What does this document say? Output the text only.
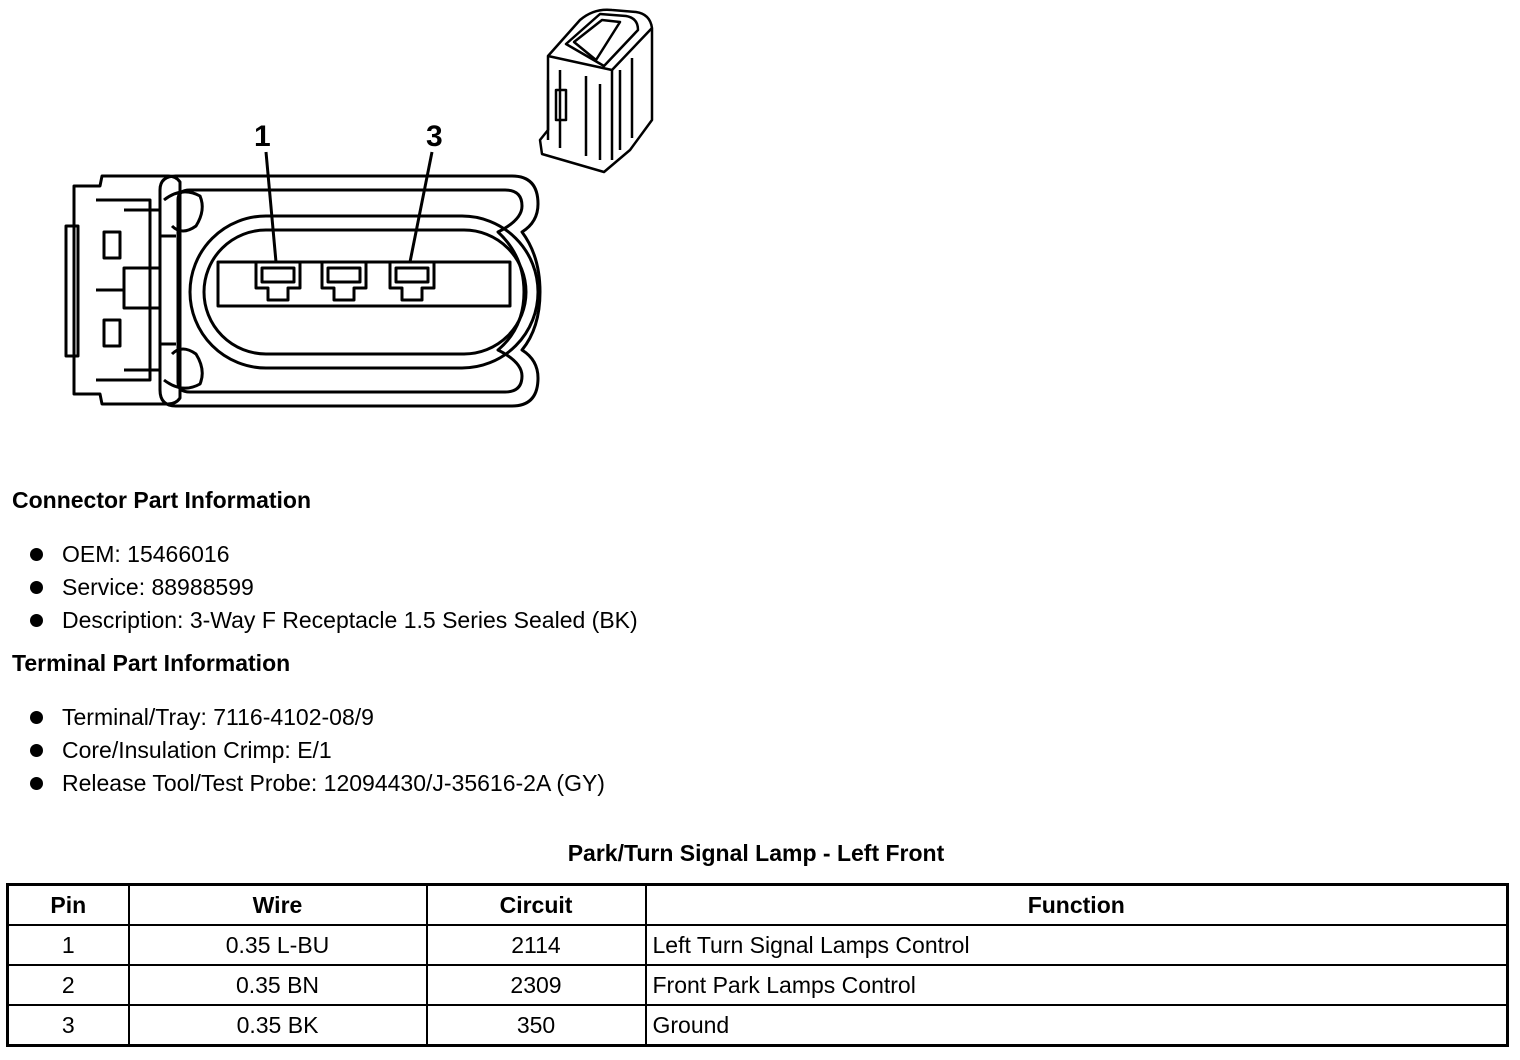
1	3
Connector Part Information
OEM: 15466016
Service: 88988599
Description: 3-Way F Receptacle 1.5 Series Sealed (BK)
Terminal Part Information
Terminal/Tray: 7116-4102-08/9
Core/Insulation Crimp: E/1
Release Tool/Test Probe: 12094430/J-35616-2A (GY)
Park/Turn Signal Lamp - Left Front
Pin	Wire	Circuit	Function
1	0.35 L-BU	2114	Left Turn Signal Lamps Control
2	0.35 BN	2309	Front Park Lamps Control
3	0.35 BK	350	Ground
